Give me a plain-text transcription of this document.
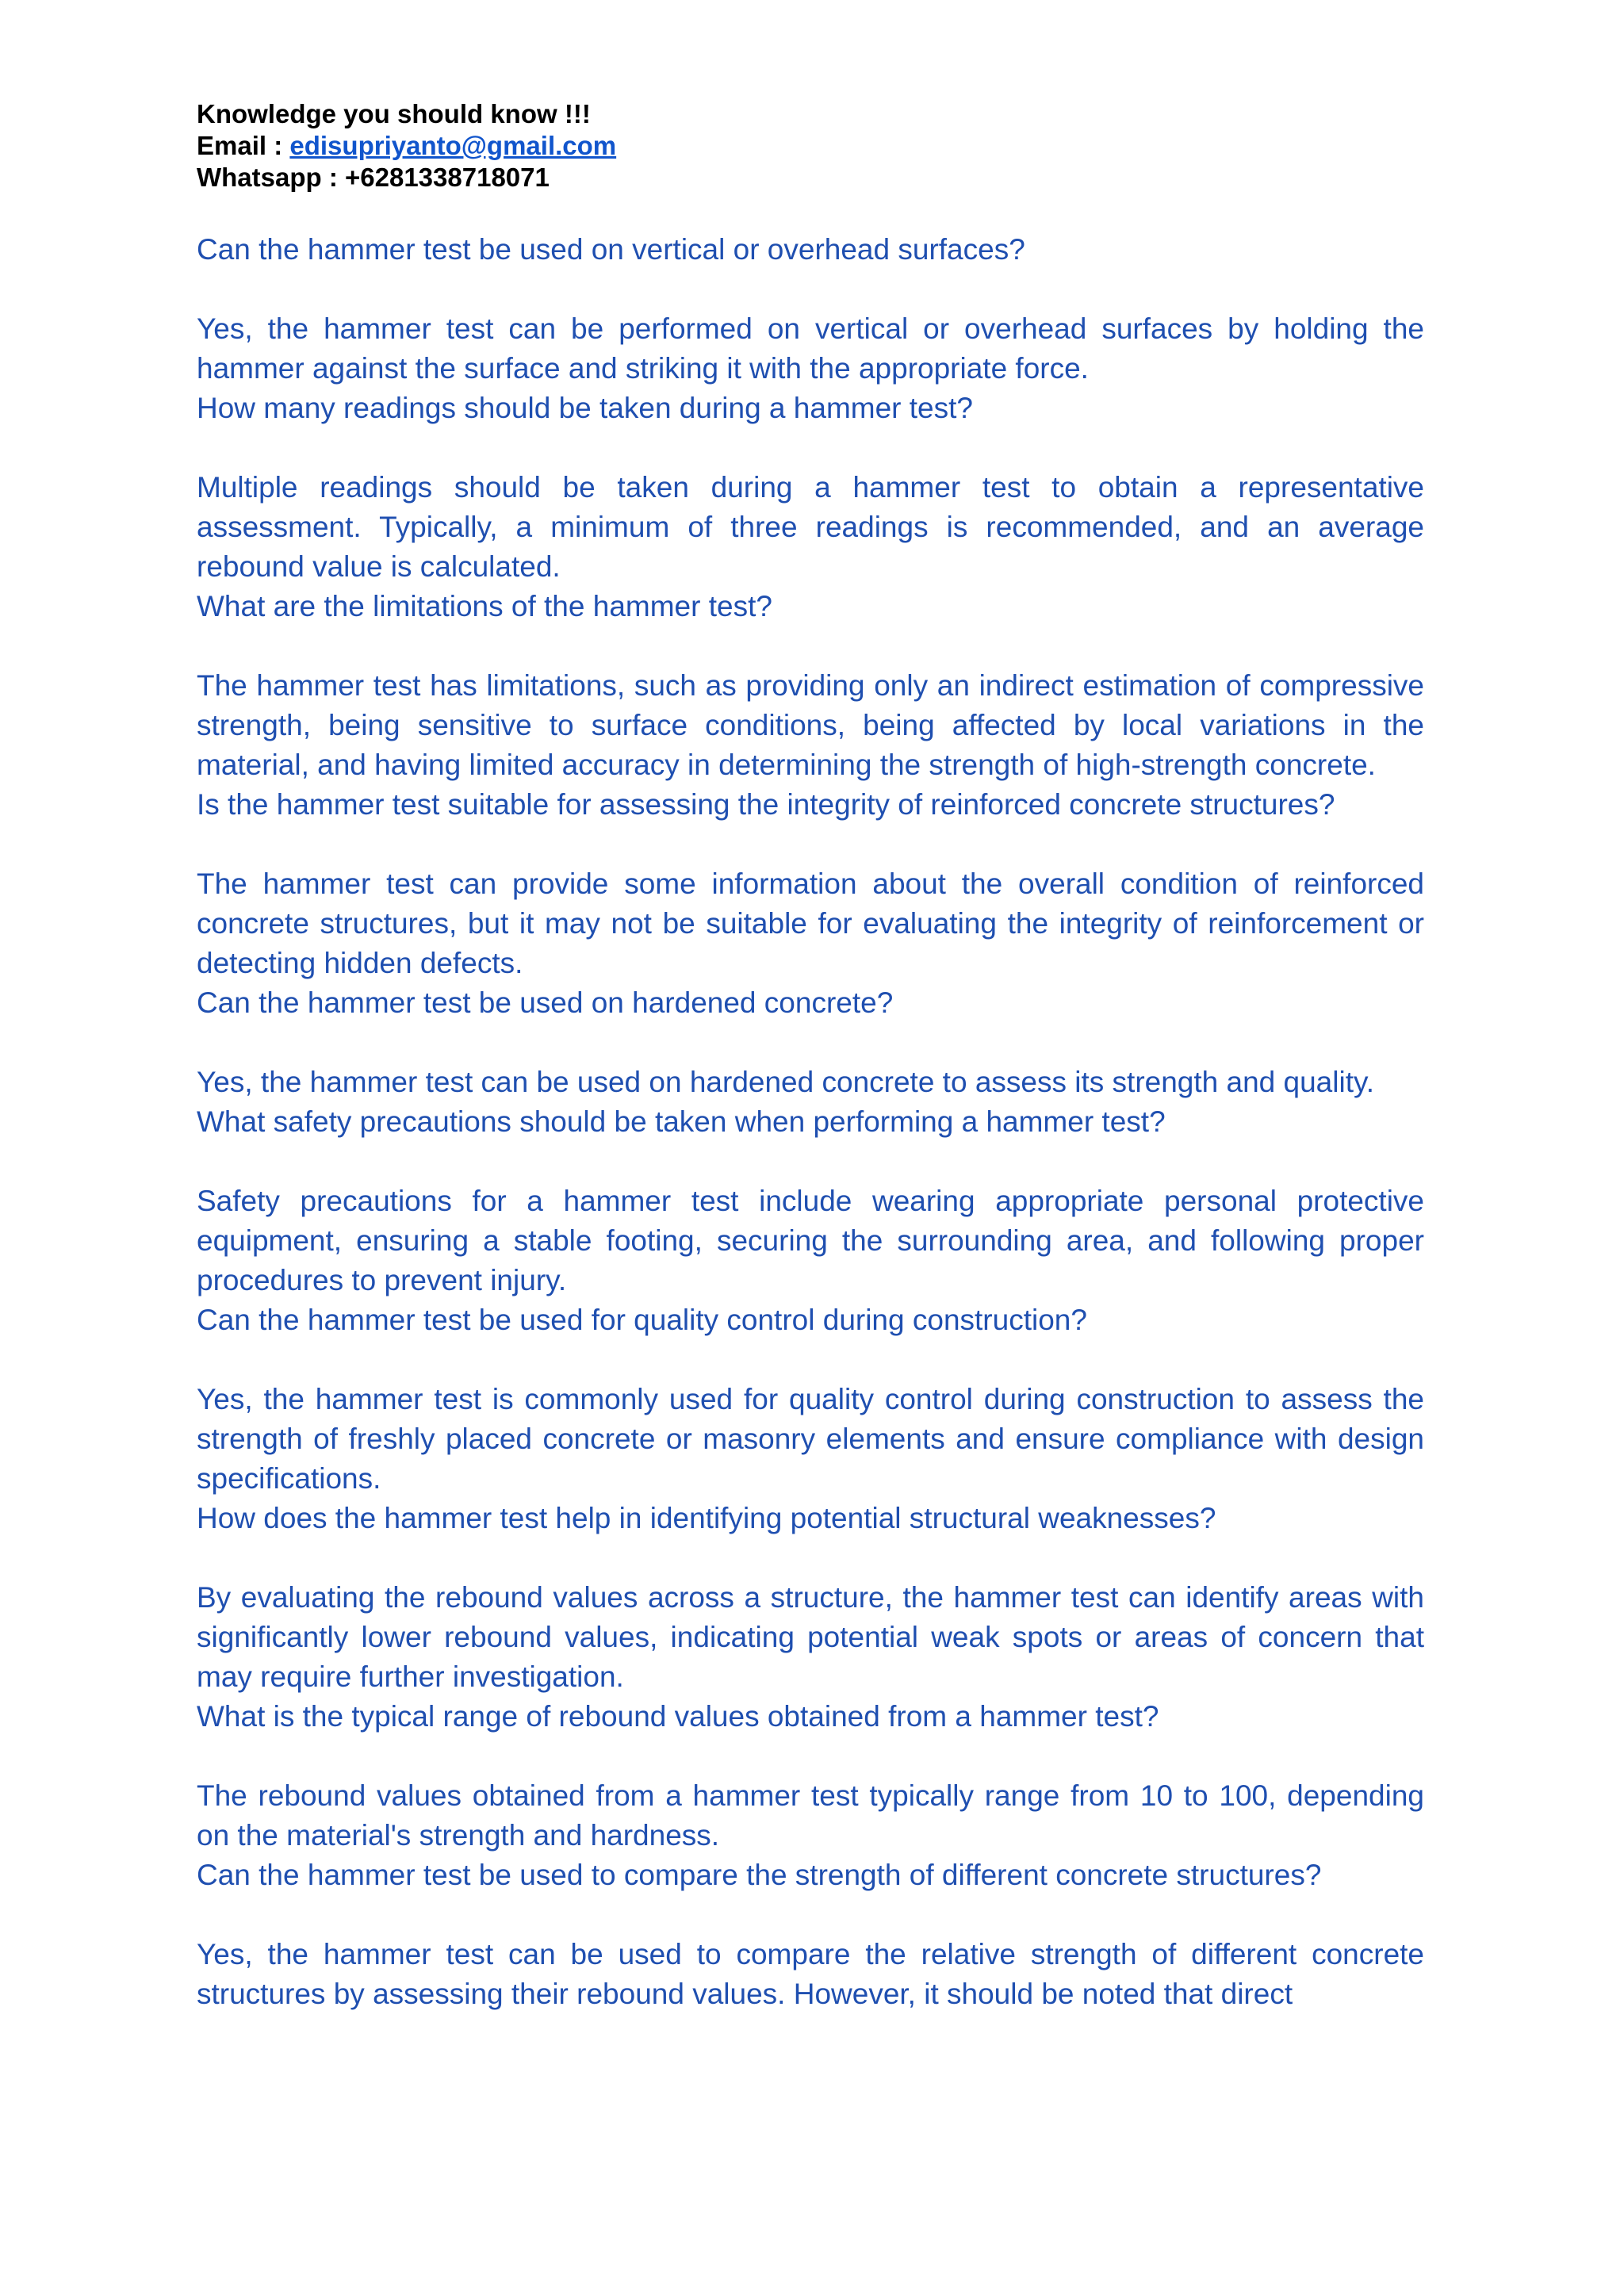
Knowledge you should know !!!
Email : edisupriyanto@gmail.com
Whatsapp : +6281338718071
Can the hammer test be used on vertical or overhead surfaces?
Yes, the hammer test can be performed on vertical or overhead surfaces by holding the hammer against the surface and striking it with the appropriate force.
How many readings should be taken during a hammer test?
Multiple readings should be taken during a hammer test to obtain a representative assessment. Typically, a minimum of three readings is recommended, and an average rebound value is calculated.
What are the limitations of the hammer test?
The hammer test has limitations, such as providing only an indirect estimation of compressive strength, being sensitive to surface conditions, being affected by local variations in the material, and having limited accuracy in determining the strength of high-strength concrete.
Is the hammer test suitable for assessing the integrity of reinforced concrete structures?
The hammer test can provide some information about the overall condition of reinforced concrete structures, but it may not be suitable for evaluating the integrity of reinforcement or detecting hidden defects.
Can the hammer test be used on hardened concrete?
Yes, the hammer test can be used on hardened concrete to assess its strength and quality.
What safety precautions should be taken when performing a hammer test?
Safety precautions for a hammer test include wearing appropriate personal protective equipment, ensuring a stable footing, securing the surrounding area, and following proper procedures to prevent injury.
Can the hammer test be used for quality control during construction?
Yes, the hammer test is commonly used for quality control during construction to assess the strength of freshly placed concrete or masonry elements and ensure compliance with design specifications.
How does the hammer test help in identifying potential structural weaknesses?
By evaluating the rebound values across a structure, the hammer test can identify areas with significantly lower rebound values, indicating potential weak spots or areas of concern that may require further investigation.
What is the typical range of rebound values obtained from a hammer test?
The rebound values obtained from a hammer test typically range from 10 to 100, depending on the material's strength and hardness.
Can the hammer test be used to compare the strength of different concrete structures?
Yes, the hammer test can be used to compare the relative strength of different concrete structures by assessing their rebound values. However, it should be noted that direct
